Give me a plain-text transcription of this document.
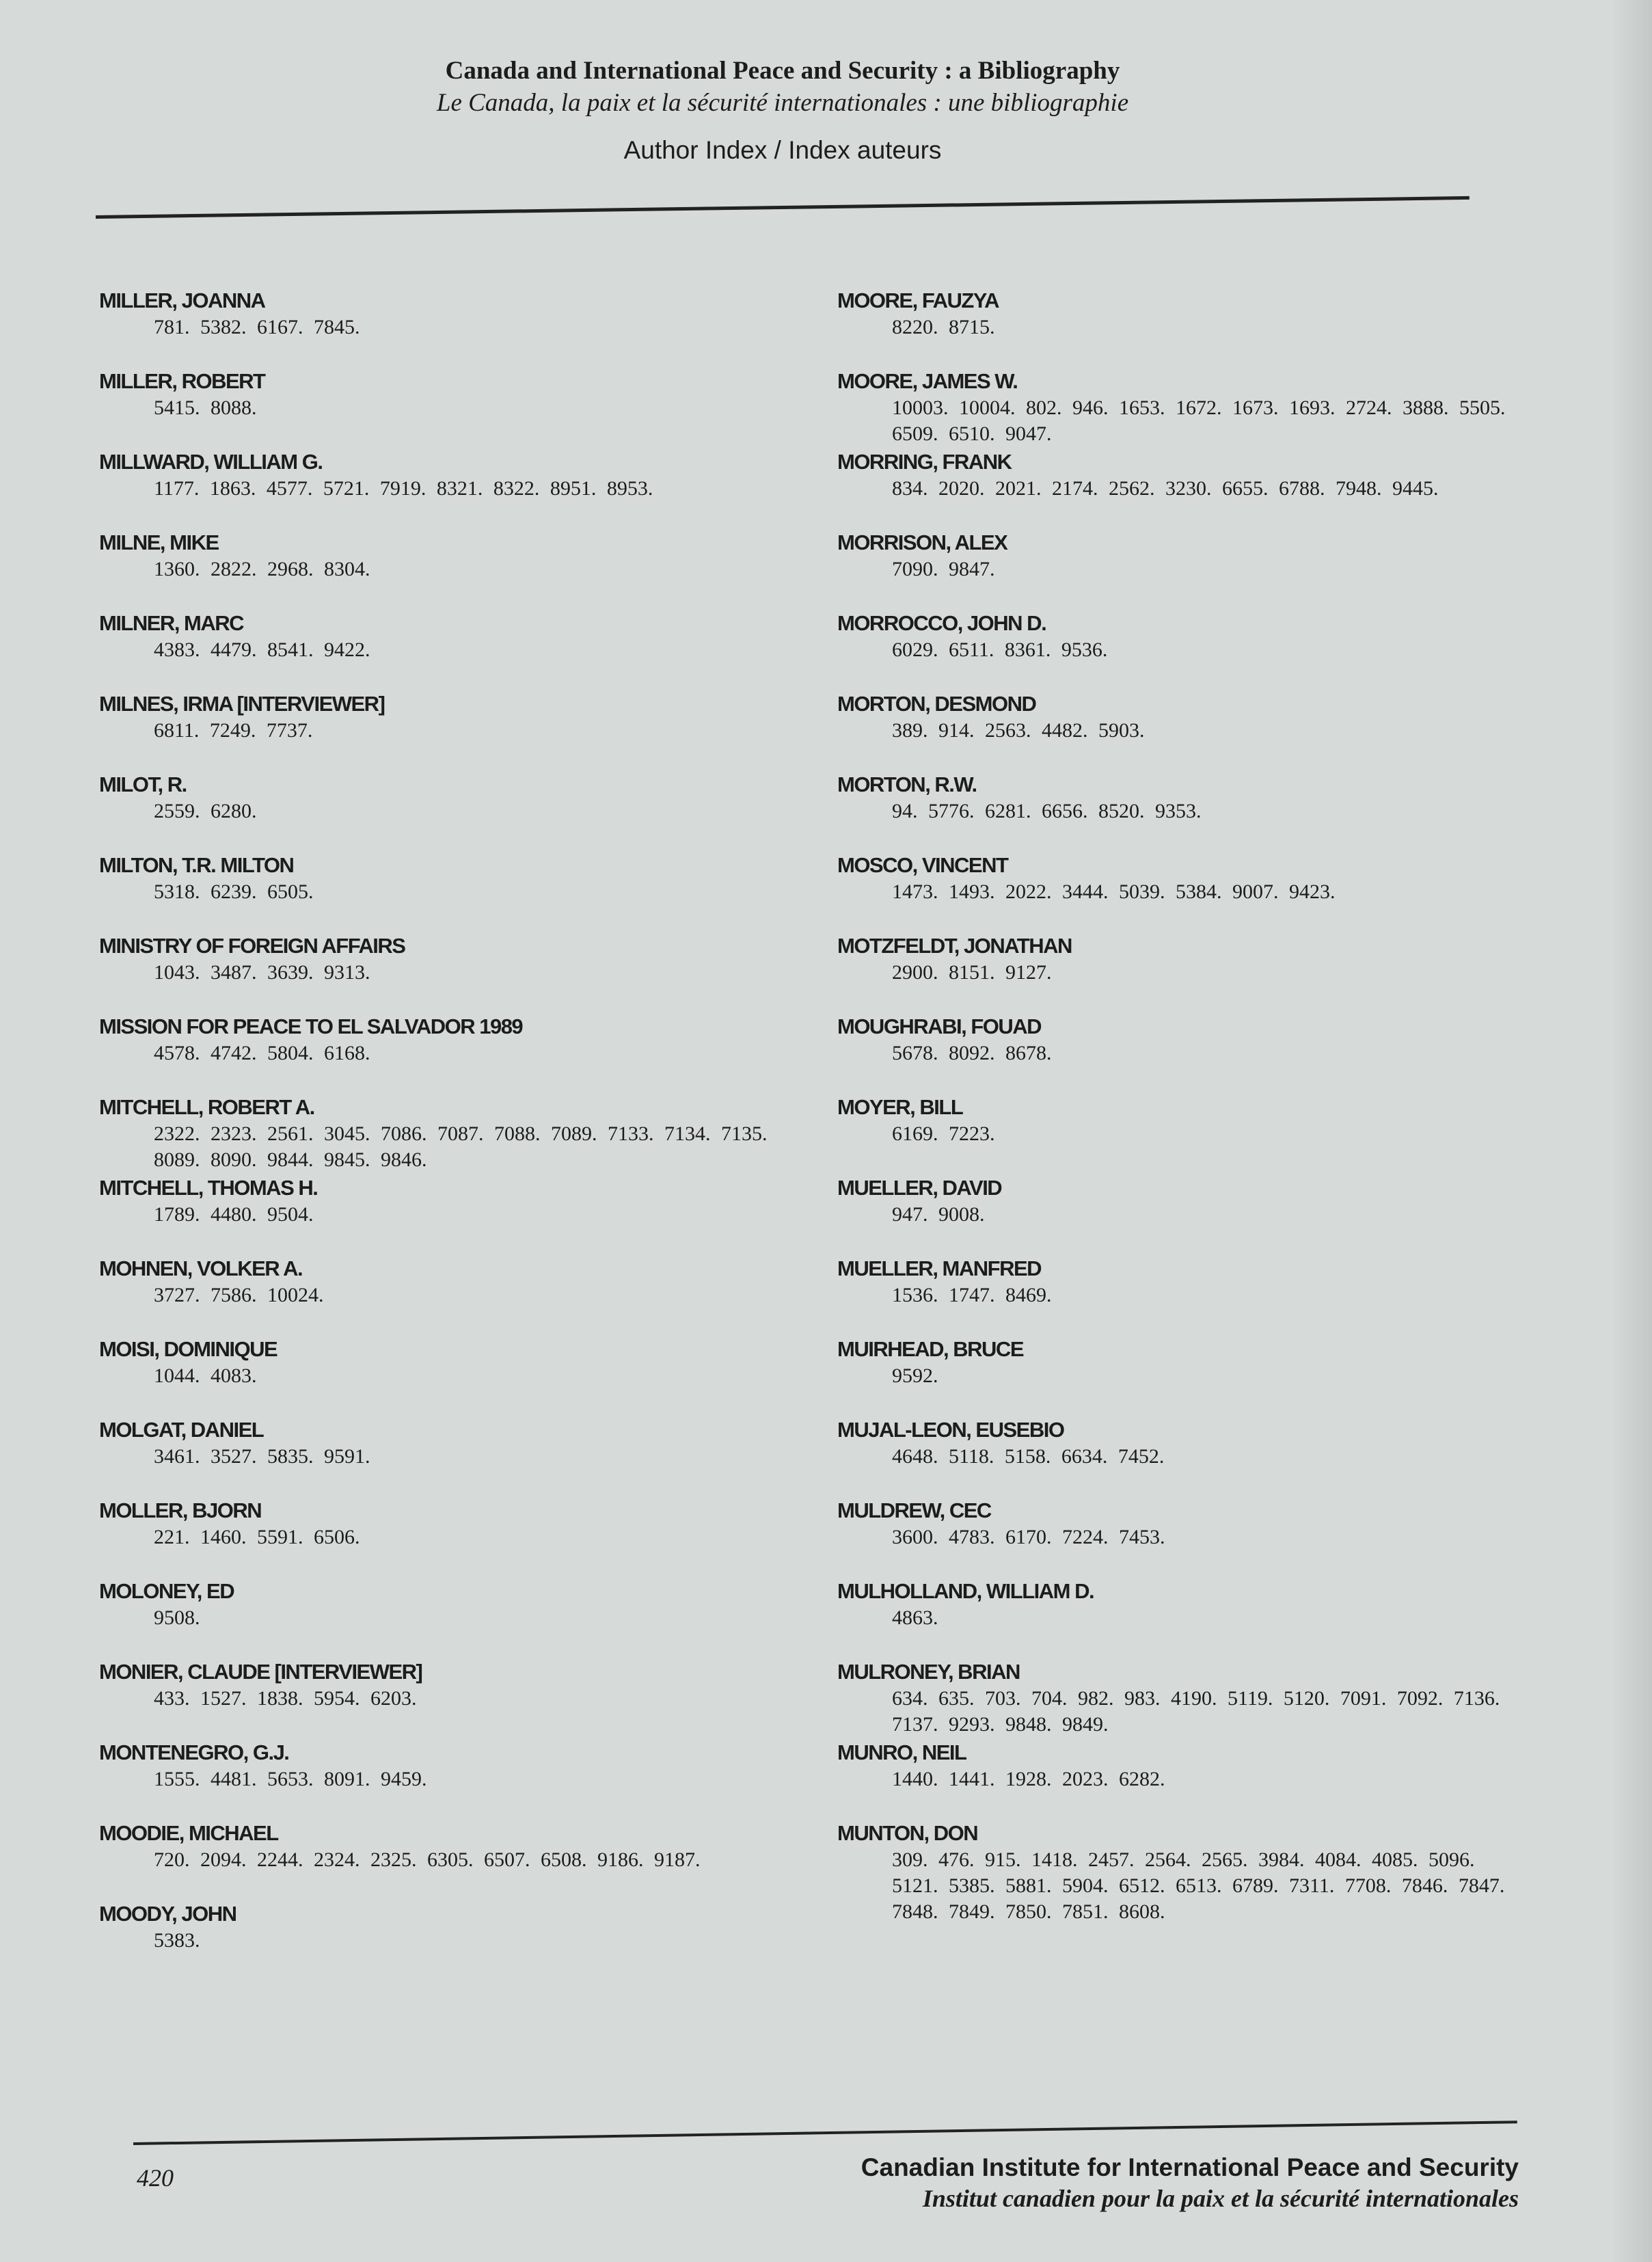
Canada and International Peace and Security : a Bibliography

Le Canada, la paix et la sécurité internationales : une bibliographie

Author Index / Index auteurs

MILLER, JOANNA

781. 5382. 6167. 7845.

MILLER, ROBERT

5415. 8088.

MILLWARD, WILLIAM G.

1177. 1863. 4577. 5721. 7919. 8321. 8322. 8951. 8953.

MILNE, MIKE

1360. 2822. 2968. 8304.

MILNER, MARC

4383. 4479. 8541. 9422.

MILNES, IRMA [INTERVIEWER]

6811. 7249. 7737.

MILOT, R.

2559. 6280.

MILTON, T.R. MILTON

5318. 6239. 6505.

MINISTRY OF FOREIGN AFFAIRS

1043. 3487. 3639. 9313.

MISSION FOR PEACE TO EL SALVADOR 1989

4578. 4742. 5804. 6168.

MITCHELL, ROBERT A.

2322. 2323. 2561. 3045. 7086. 7087. 7088. 7089. 7133. 7134. 7135. 8089. 8090. 9844. 9845. 9846.

MITCHELL, THOMAS H.

1789. 4480. 9504.

MOHNEN, VOLKER A.

3727. 7586. 10024.

MOISI, DOMINIQUE

1044. 4083.

MOLGAT, DANIEL

3461. 3527. 5835. 9591.

MOLLER, BJORN

221. 1460. 5591. 6506.

MOLONEY, ED

9508.

MONIER, CLAUDE [INTERVIEWER]

433. 1527. 1838. 5954. 6203.

MONTENEGRO, G.J.

1555. 4481. 5653. 8091. 9459.

MOODIE, MICHAEL

720. 2094. 2244. 2324. 2325. 6305. 6507. 6508. 9186. 9187.

MOODY, JOHN

5383.

MOORE, FAUZYA

8220. 8715.

MOORE, JAMES W.

10003. 10004. 802. 946. 1653. 1672. 1673. 1693. 2724. 3888. 5505. 6509. 6510. 9047.

MORRING, FRANK

834. 2020. 2021. 2174. 2562. 3230. 6655. 6788. 7948. 9445.

MORRISON, ALEX

7090. 9847.

MORROCCO, JOHN D.

6029. 6511. 8361. 9536.

MORTON, DESMOND

389. 914. 2563. 4482. 5903.

MORTON, R.W.

94. 5776. 6281. 6656. 8520. 9353.

MOSCO, VINCENT

1473. 1493. 2022. 3444. 5039. 5384. 9007. 9423.

MOTZFELDT, JONATHAN

2900. 8151. 9127.

MOUGHRABI, FOUAD

5678. 8092. 8678.

MOYER, BILL

6169. 7223.

MUELLER, DAVID

947. 9008.

MUELLER, MANFRED

1536. 1747. 8469.

MUIRHEAD, BRUCE

9592.

MUJAL-LEON, EUSEBIO

4648. 5118. 5158. 6634. 7452.

MULDREW, CEC

3600. 4783. 6170. 7224. 7453.

MULHOLLAND, WILLIAM D.

4863.

MULRONEY, BRIAN

634. 635. 703. 704. 982. 983. 4190. 5119. 5120. 7091. 7092. 7136. 7137. 9293. 9848. 9849.

MUNRO, NEIL

1440. 1441. 1928. 2023. 6282.

MUNTON, DON

309. 476. 915. 1418. 2457. 2564. 2565. 3984. 4084. 4085. 5096. 5121. 5385. 5881. 5904. 6512. 6513. 6789. 7311. 7708. 7846. 7847. 7848. 7849. 7850. 7851. 8608.

420	Canadian Institute for International Peace and Security

Institut canadien pour la paix et la sécurité internationales
